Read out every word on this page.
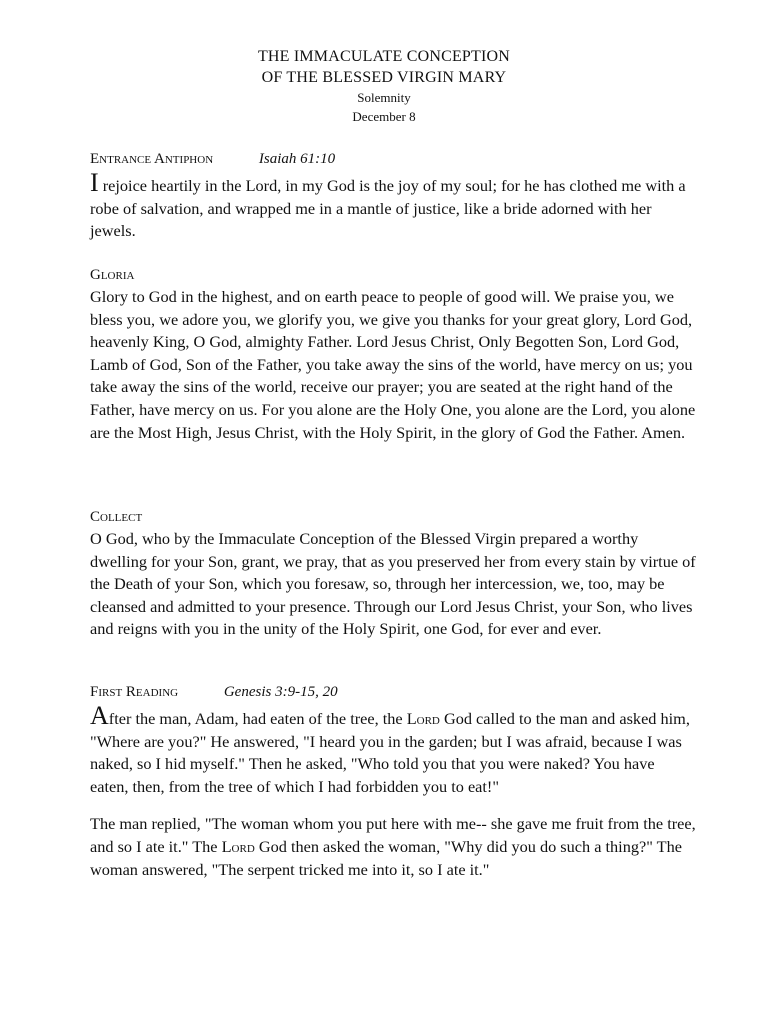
THE IMMACULATE CONCEPTION
OF THE BLESSED VIRGIN MARY
Solemnity
December 8

Entrance Antiphon	Isaiah 61:10

I rejoice heartily in the Lord, in my God is the joy of my soul; for he has clothed me with a robe of salvation, and wrapped me in a mantle of justice, like a bride adorned with her jewels.

Gloria

Glory to God in the highest, and on earth peace to people of good will. We praise you, we bless you, we adore you, we glorify you, we give you thanks for your great glory, Lord God, heavenly King, O God, almighty Father. Lord Jesus Christ, Only Begotten Son, Lord God, Lamb of God, Son of the Father, you take away the sins of the world, have mercy on us; you take away the sins of the world, receive our prayer; you are seated at the right hand of the Father, have mercy on us. For you alone are the Holy One, you alone are the Lord, you alone are the Most High, Jesus Christ, with the Holy Spirit, in the glory of God the Father. Amen.

Collect

O God, who by the Immaculate Conception of the Blessed Virgin prepared a worthy dwelling for your Son, grant, we pray, that as you preserved her from every stain by virtue of the Death of your Son, which you foresaw, so, through her intercession, we, too, may be cleansed and admitted to your presence. Through our Lord Jesus Christ, your Son, who lives and reigns with you in the unity of the Holy Spirit, one God, for ever and ever.

First Reading	Genesis 3:9-15, 20

After the man, Adam, had eaten of the tree, the Lord God called to the man and asked him, "Where are you?" He answered, "I heard you in the garden; but I was afraid, because I was naked, so I hid myself." Then he asked, "Who told you that you were naked? You have eaten, then, from the tree of which I had forbidden you to eat!"

The man replied, "The woman whom you put here with me-- she gave me fruit from the tree, and so I ate it." The Lord God then asked the woman, "Why did you do such a thing?" The woman answered, "The serpent tricked me into it, so I ate it."
